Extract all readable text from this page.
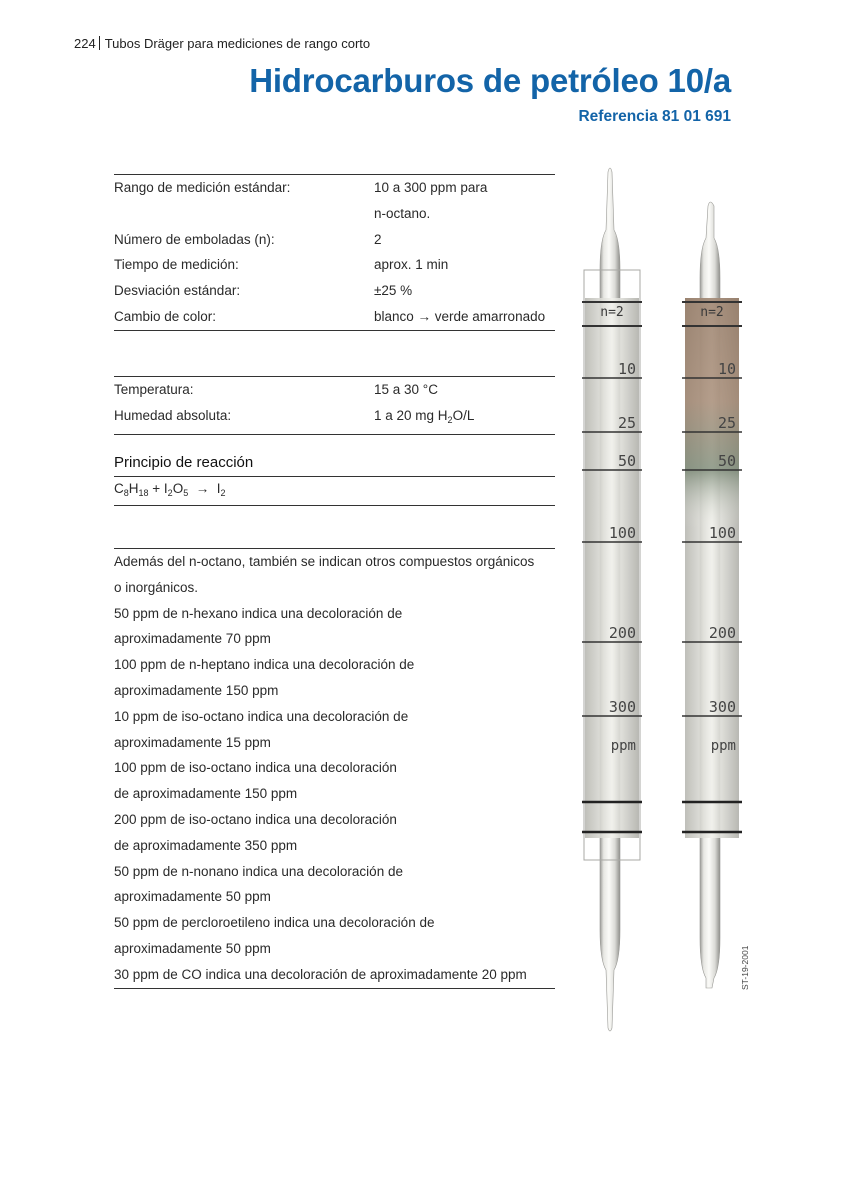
224 Tubos Dräger para mediciones de rango corto
Hidrocarburos de petróleo 10/a
Referencia 81 01 691
Rango de medición estándar:	10 a 300 ppm para
n-octano.
Número de emboladas (n):	2
Tiempo de medición:	aprox. 1 min
Desviación estándar:	±25 %
Cambio de color:	blanco → verde amarronado
Temperatura:	15 a 30 °C
Humedad absoluta:	1 a 20 mg $H_2O/L$
Principio de reacción
$C_8H_{18} + I_2O_5 \to I_2$
Además del n-octano, también se indican otros compuestos orgánicos
o inorgánicos.
50 ppm de n-hexano indica una decoloración de
aproximadamente 70 ppm
100 ppm de n-heptano indica una decoloración de
aproximadamente 150 ppm
10 ppm de iso-octano indica una decoloración de
aproximadamente 15 ppm
100 ppm de iso-octano indica una decoloración
de aproximadamente 150 ppm
200 ppm de iso-octano indica una decoloración
de aproximadamente 350 ppm
50 ppm de n-nonano indica una decoloración de
aproximadamente 50 ppm
50 ppm de percloroetileno indica una decoloración de
aproximadamente 50 ppm
30 ppm de CO indica una decoloración de aproximadamente 20 ppm
n=2
10
25
50
100
200
300
ppm
n=2
10
25
50
100
200
300
ppm
ST-19-2001
